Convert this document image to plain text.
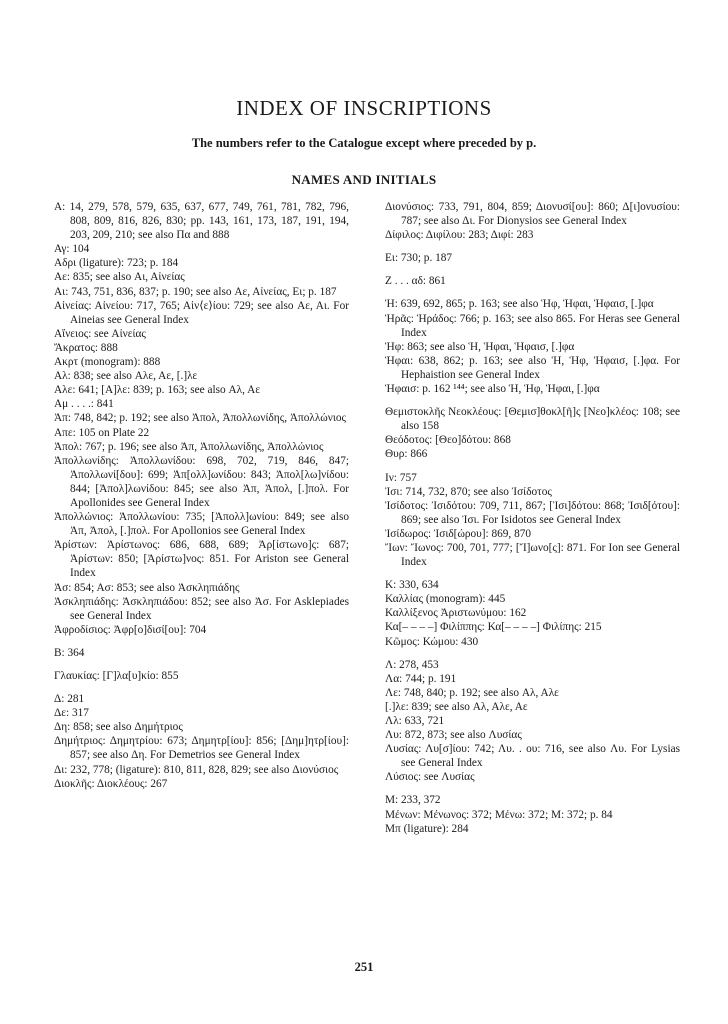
INDEX OF INSCRIPTIONS
The numbers refer to the Catalogue except where preceded by p.
NAMES AND INITIALS
A: 14, 279, 578, 579, 635, 637, 677, 749, 761, 781, 782, 796, 808, 809, 816, 826, 830; pp. 143, 161, 173, 187, 191, 194, 203, 209, 210; see also Πα and 888
Αγ: 104
Αδρι (ligature): 723; p. 184
Αε: 835; see also Αι, Αἰνείας
Αι: 743, 751, 836, 837; p. 190; see also Αε, Αἰνείας, Ει; p. 187
Αἰνείας: Αἰνείου: 717, 765; Αἰν⟨ε⟩ίου: 729; see also Αε, Αι. For Aineias see General Index
Αἴνειος: see Αἰνείας
Ἄκρατος: 888
Ακρτ (monogram): 888
Αλ: 838; see also Αλε, Αε, [.]λε
Αλε: 641; [Α]λε: 839; p. 163; see also Αλ, Αε
Αμ . . . .: 841
Ἀπ: 748, 842; p. 192; see also Ἀπολ, Ἀπολλωνίδης, Ἀπολλώνιος
Απε: 105 on Plate 22
Ἀπολ: 767; p. 196; see also Ἀπ, Ἀπολλωνίδης, Ἀπολλώνιος
Ἀπολλωνίδης: Ἀπολλωνίδου: 698, 702, 719, 846, 847; Ἀπολλωνί[δου]: 699; Ἀπ[ολλ]ωνίδου: 843; Ἀπολ[λω]νίδου: 844; [Ἀπολ]λωνίδου: 845; see also Ἀπ, Ἀπολ, [.]πολ. For Apollonides see General Index
Ἀπολλώνιος: Ἀπολλωνίου: 735; [Ἀπολλ]ωνίου: 849; see also Ἀπ, Ἀπολ, [.]πολ. For Apollonios see General Index
Ἀρίστων: Ἀρίστωνος: 686, 688, 689; Ἀρ[ίστωνο]ς: 687; Ἀρίστων: 850; [Ἀρίστω]νος: 851. For Ariston see General Index
Ἀσ: 854; Ασ: 853; see also Ἀσκληπιάδης
Ἀσκληπιάδης: Ἀσκληπιάδου: 852; see also Ἀσ. For Asklepiades see General Index
Ἀφροδίσιος: Ἀφρ[ο]δισί[ου]: 704
B: 364
Γλαυκίας: [Γ]λα[υ]κίο: 855
Δ: 281
Δε: 317
Δη: 858; see also Δημήτριος
Δημήτριος: Δημητρίου: 673; Δημητρ[ίου]: 856; [Δημ]ητρ[ίου]: 857; see also Δη. For Demetrios see General Index
Δι: 232, 778; (ligature): 810, 811, 828, 829; see also Διονύσιος
Διοκλῆς: Διοκλέους: 267
Διονύσιος: 733, 791, 804, 859; Διονυσί[ου]: 860; Δ[ι]ονυσίου: 787; see also Δι. For Dionysios see General Index
Δίφιλος: Διφίλου: 283; Διφί: 283
Ει: 730; p. 187
Ζ . . . αδ: 861
Ἡ: 639, 692, 865; p. 163; see also Ἡφ, Ἡφαι, Ἡφαισ, [.]φα
Ἡρᾶς: Ἡράδος: 766; p. 163; see also 865. For Heras see General Index
Ἡφ: 863; see also Ἡ, Ἡφαι, Ἡφαισ, [.]φα
Ἡφαι: 638, 862; p. 163; see also Ἡ, Ἡφ, Ἡφαισ, [.]φα. For Hephaistion see General Index
Ἡφαισ: p. 162 ¹⁴⁴; see also Ἡ, Ἡφ, Ἡφαι, [.]φα
Θεμιστοκλῆς Νεοκλέους: [Θεμισ]θοκλ[ῆ]ς [Νεο]κλέος: 108; see also 158
Θεόδοτος: [Θεο]δότου: 868
Θυρ: 866
Ιν: 757
Ἰσι: 714, 732, 870; see also Ἰσίδοτος
Ἰσίδοτος: Ἰσιδότου: 709, 711, 867; [Ἰσι]δότου: 868; Ἰσιδ[ότου]: 869; see also Ἰσι. For Isidotos see General Index
Ἰσίδωρος: Ἰσιδ[ώρου]: 869, 870
Ἴων: Ἴωνος: 700, 701, 777; [Ἴ]ωνο[ς]: 871. For Ion see General Index
K: 330, 634
Καλλίας (monogram): 445
Καλλίξενος Ἀριστωνύμου: 162
Κα[– – – –] Φιλίππης: Κα[– – – –] Φιλίπης: 215
Κῶμος: Κώμου: 430
Λ: 278, 453
Λα: 744; p. 191
Λε: 748, 840; p. 192; see also Αλ, Αλε
[.]λε: 839; see also Αλ, Αλε, Αε
Λλ: 633, 721
Λυ: 872, 873; see also Λυσίας
Λυσίας: Λυ[σ]ίου: 742; Λυ. . ου: 716, see also Λυ. For Lysias see General Index
Λύσιος: see Λυσίας
M: 233, 372
Μένων: Μένωνος: 372; Μένω: 372; M: 372; p. 84
Μπ (ligature): 284
251
